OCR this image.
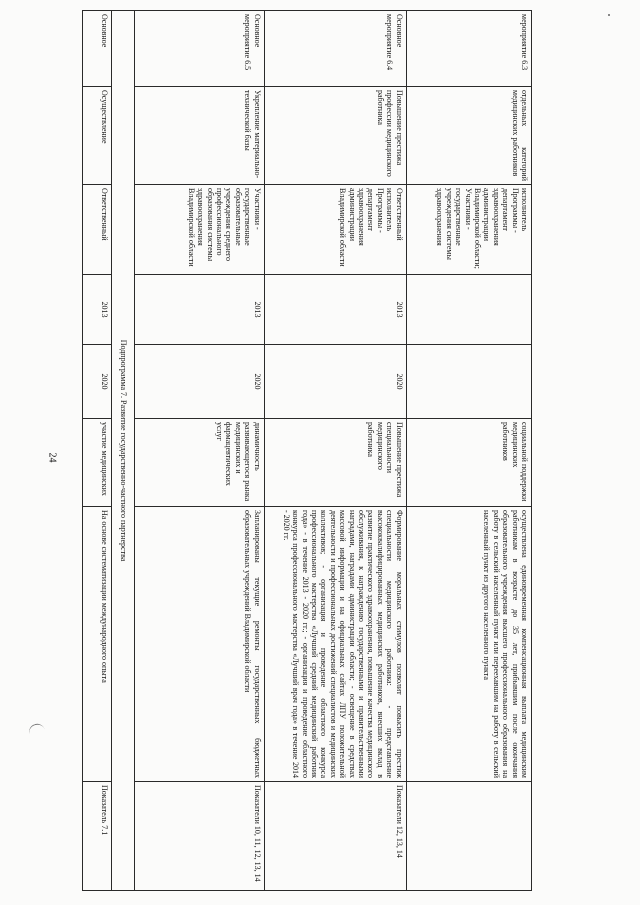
24
мероприятие 6.3	отдельных категорий медицинских работников	исполнитель Программы - департамент здравоохранения администрации Владимирской области; Участники - государственные учреждения системы здравоохранения			социальной поддержки медицинских работников	осуществлена единовременная компенсационная выплата медицинским работникам в возрасте до 35 лет, прибывшим после окончания образовательного учреждения высшего профессионального образования на работу в сельский населенный пункт или переехавшим на работу в сельский населенный пункт из другого населенного пункта	
Основное мероприятие 6.4	Повышение престижа профессии медицинского работника	Ответственный исполнитель Программы - департамент здравоохранения администрации Владимирской области	2013	2020	Повышение престижа специальности медицинского работника	Формирование моральных стимулов позволит повысить престиж специальности медицинского работника: - представление высококвалифицированных медицинских работников, внесших вклад в развитие практического здравоохранения, повышение качества медицинского обслуживания, к награждению государственными и правительственными наградами, наградами администрации области; - освещение в средствах массовой информации и на официальных сайтах ЛПУ положительной деятельности и профессиональных достижений специалистов и медицинских коллективов; - организация и проведение областного конкурса профессионального мастерства «Лучший средний медицинский работник года» - в течение 2013 - 2020 гг.; - организация и проведение областного конкурса профессионального мастерства «Лучший врач года» в течение 2014 - 2020 гг.	Показатели 12, 13, 14
Основное мероприятие 6.5	Укрепление материально-технической базы	Участники - государственные образовательные учреждения среднего профессионального образования системы здравоохранения Владимирской области	2013	2020	динамичность развивающегося рынка медицинских и фармацевтических услуг	Запланированы текущие ремонты государственных бюджетных образовательных учреждений Владимирской области	Показатели 10, 11, 12, 13, 14
Подпрограмма 7. Развитие государственно-частного партнерства							
Основное	Осуществление	Ответственный	2013	2020	участие медицинских	На основе систематизации международного опыта	Показатель 7.1
